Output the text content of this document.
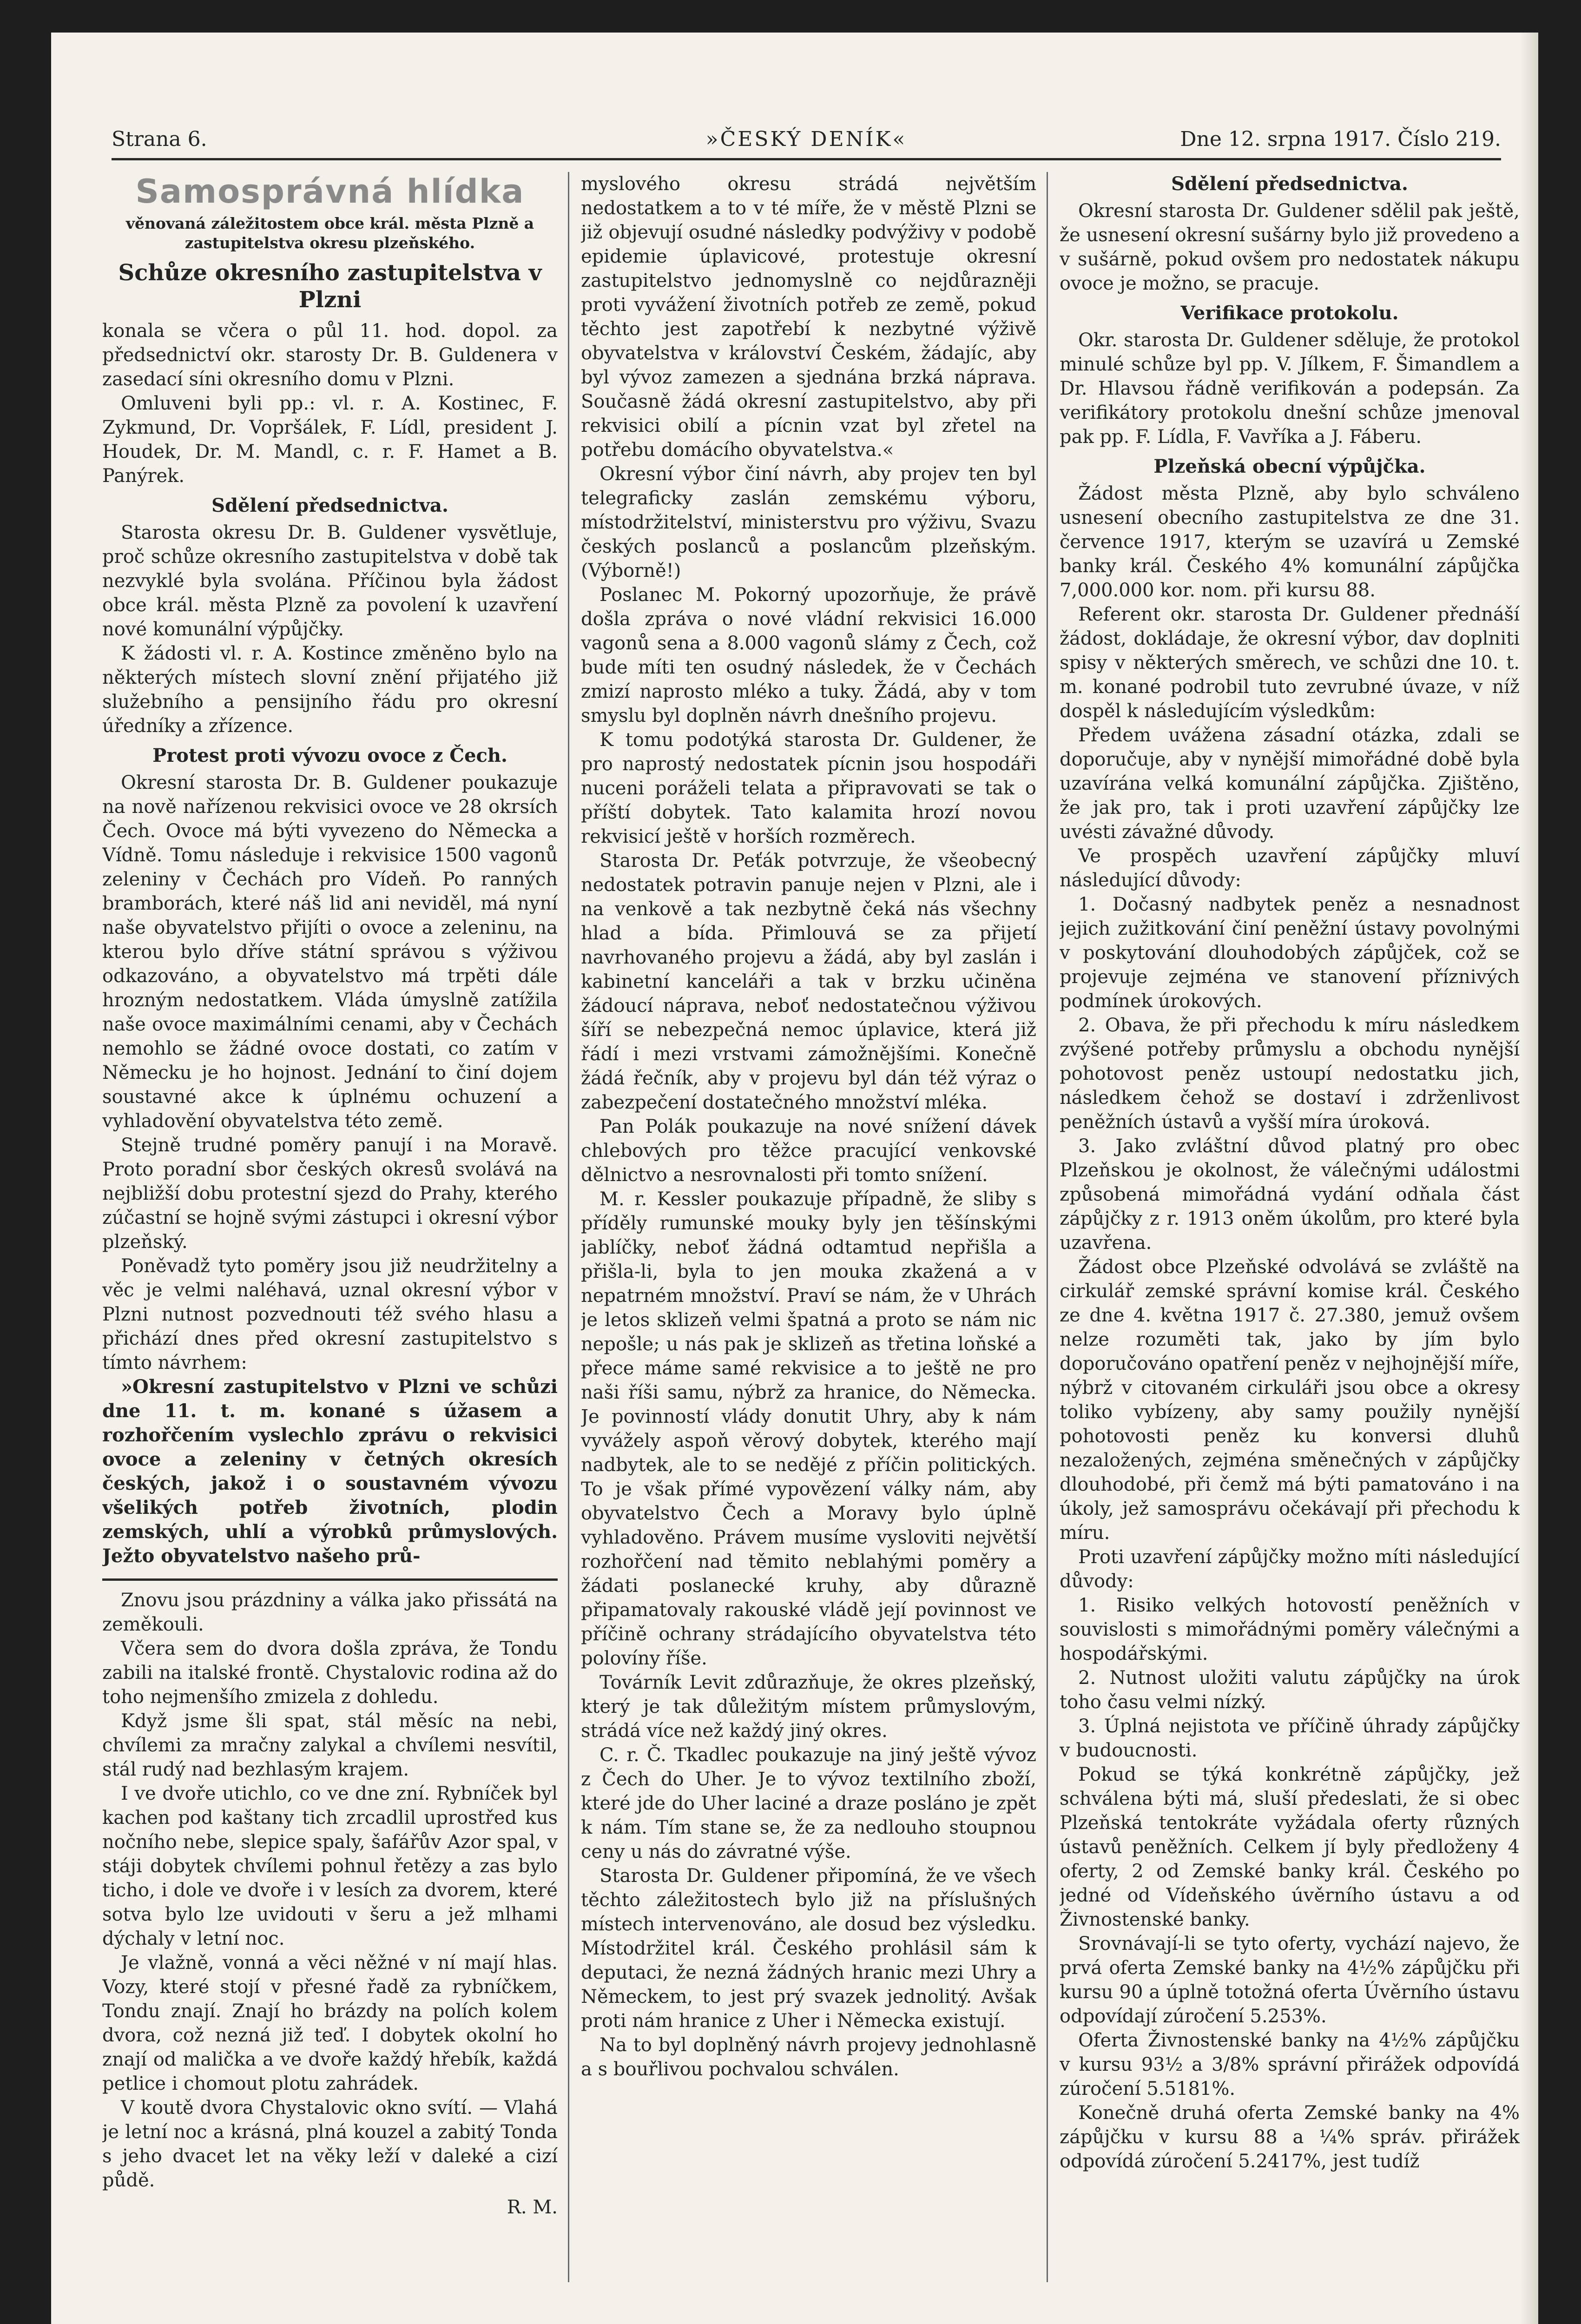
Strana 6.	»ČESKÝ DENÍK«	Dne 12. srpna 1917. Číslo 219.
Samosprávná hlídka
věnovaná záležitostem obce král. města Plzně a zastupitelstva okresu plzeňského.
Schůze okresního zastupitelstva v Plzni

konala se včera o půl 11. hod. dopol. za předsednictví okr. starosty Dr. B. Guldenera v zasedací síni okresního domu v Plzni.

Omluveni byli pp.: vl. r. A. Kostinec, F. Zykmund, Dr. Vopršálek, F. Lídl, president J. Houdek, Dr. M. Mandl, c. r. F. Hamet a B. Panýrek.

Sdělení předsednictva.

Starosta okresu Dr. B. Guldener vysvětluje, proč schůze okresního zastupitelstva v době tak nezvyklé byla svolána. Příčinou byla žádost obce král. města Plzně za povolení k uzavření nové komunální výpůjčky.

K žádosti vl. r. A. Kostince změněno bylo na některých místech slovní znění přijatého již služebního a pensijního řádu pro okresní úředníky a zřízence.

Protest proti vývozu ovoce z Čech.

Okresní starosta Dr. B. Guldener poukazuje na nově nařízenou rekvisici ovoce ve 28 okrsích Čech. Ovoce má býti vyvezeno do Německa a Vídně. Tomu následuje i rekvisice 1500 vagonů zeleniny v Čechách pro Vídeň. Po ranných bramborách, které náš lid ani neviděl, má nyní naše obyvatelstvo přijíti o ovoce a zeleninu, na kterou bylo dříve státní správou s výživou odkazováno, a obyvatelstvo má trpěti dále hrozným nedostatkem. Vláda úmyslně zatížila naše ovoce maximálními cenami, aby v Čechách nemohlo se žádné ovoce dostati, co zatím v Německu je ho hojnost. Jednání to činí dojem soustavné akce k úplnému ochuzení a vyhladovění obyvatelstva této země.

Stejně trudné poměry panují i na Moravě. Proto poradní sbor českých okresů svolává na nejbližší dobu protestní sjezd do Prahy, kterého zúčastní se hojně svými zástupci i okresní výbor plzeňský.

Poněvadž tyto poměry jsou již neudržitelny a věc je velmi naléhavá, uznal okresní výbor v Plzni nutnost pozvednouti též svého hlasu a přichází dnes před okresní zastupitelstvo s tímto návrhem:

»Okresní zastupitelstvo v Plzni ve schůzi dne 11. t. m. konané s úžasem a rozhořčením vyslechlo zprávu o rekvisici ovoce a zeleniny v četných okresích českých, jakož i o soustavném vývozu všelikých potřeb životních, plodin zemských, uhlí a výrobků průmyslových. Ježto obyvatelstvo našeho prů-

Znovu jsou prázdniny a válka jako přissátá na zeměkouli.

Včera sem do dvora došla zpráva, že Tondu zabili na italské frontě. Chystalovic rodina až do toho nejmenšího zmizela z dohledu.

Když jsme šli spat, stál měsíc na nebi, chvílemi za mračny zalykal a chvílemi nesvítil, stál rudý nad bezhlasým krajem.

I ve dvoře utichlo, co ve dne zní. Rybníček byl kachen pod kaštany tich zrcadlil uprostřed kus nočního nebe, slepice spaly, šafářův Azor spal, v stáji dobytek chvílemi pohnul řetězy a zas bylo ticho, i dole ve dvoře i v lesích za dvorem, které sotva bylo lze uvidouti v šeru a jež mlhami dýchaly v letní noc.

Je vlažně, vonná a věci něžné v ní mají hlas. Vozy, které stojí v přesné řadě za rybníčkem, Tondu znají. Znají ho brázdy na polích kolem dvora, což nezná již teď. I dobytek okolní ho znají od malička a ve dvoře každý hřebík, každá petlice i chomout plotu zahrádek.

V koutě dvora Chystalovic okno svítí. — Vlahá je letní noc a krásná, plná kouzel a zabitý Tonda s jeho dvacet let na věky leží v daleké a cizí půdě.

R. M.

myslového okresu strádá největším nedostatkem a to v té míře, že v městě Plzni se již objevují osudné následky podvýživy v podobě epidemie úplavicové, protestuje okresní zastupitelstvo jednomyslně co nejdůrazněji proti vyvážení životních potřeb ze země, pokud těchto jest zapotřebí k nezbytné výživě obyvatelstva v království Českém, žádajíc, aby byl vývoz zamezen a sjednána brzká náprava. Současně žádá okresní zastupitelstvo, aby při rekvisici obilí a pícnin vzat byl zřetel na potřebu domácího obyvatelstva.«

Okresní výbor činí návrh, aby projev ten byl telegraficky zaslán zemskému výboru, místodržitelství, ministerstvu pro výživu, Svazu českých poslanců a poslancům plzeňským. (Výborně!)

Poslanec M. Pokorný upozorňuje, že právě došla zpráva o nové vládní rekvisici 16.000 vagonů sena a 8.000 vagonů slámy z Čech, což bude míti ten osudný následek, že v Čechách zmizí naprosto mléko a tuky. Žádá, aby v tom smyslu byl doplněn návrh dnešního projevu.

K tomu podotýká starosta Dr. Guldener, že pro naprostý nedostatek pícnin jsou hospodáři nuceni poráželi telata a připravovati se tak o příští dobytek. Tato kalamita hrozí novou rekvisicí ještě v horších rozměrech.

Starosta Dr. Peťák potvrzuje, že všeobecný nedostatek potravin panuje nejen v Plzni, ale i na venkově a tak nezbytně čeká nás všechny hlad a bída. Přimlouvá se za přijetí navrhovaného projevu a žádá, aby byl zaslán i kabinetní kanceláři a tak v brzku učiněna žádoucí náprava, neboť nedostatečnou výživou šíří se nebezpečná nemoc úplavice, která již řádí i mezi vrstvami zámožnějšími. Konečně žádá řečník, aby v projevu byl dán též výraz o zabezpečení dostatečného množství mléka.

Pan Polák poukazuje na nové snížení dávek chlebových pro těžce pracující venkovské dělnictvo a nesrovnalosti při tomto snížení.

M. r. Kessler poukazuje případně, že sliby s příděly rumunské mouky byly jen těšínskými jablíčky, neboť žádná odtamtud nepřišla a přišla-li, byla to jen mouka zkažená a v nepatrném množství. Praví se nám, že v Uhrách je letos sklizeň velmi špatná a proto se nám nic nepošle; u nás pak je sklizeň as třetina loňské a přece máme samé rekvisice a to ještě ne pro naši říši samu, nýbrž za hranice, do Německa. Je povinností vlády donutit Uhry, aby k nám vyvážely aspoň věrový dobytek, kterého mají nadbytek, ale to se nedějé z příčin politických. To je však přímé vypovězení války nám, aby obyvatelstvo Čech a Moravy bylo úplně vyhladověno. Právem musíme vysloviti největší rozhořčení nad těmito neblahými poměry a žádati poslanecké kruhy, aby důrazně připamatovaly rakouské vládě její povinnost ve příčině ochrany strádajícího obyvatelstva této polovíny říše.

Továrník Levit zdůrazňuje, že okres plzeňský, který je tak důležitým místem průmyslovým, strádá více než každý jiný okres.

C. r. Č. Tkadlec poukazuje na jiný ještě vývoz z Čech do Uher. Je to vývoz textilního zboží, které jde do Uher laciné a draze posláno je zpět k nám. Tím stane se, že za nedlouho stoupnou ceny u nás do závratné výše.

Starosta Dr. Guldener připomíná, že ve všech těchto záležitostech bylo již na příslušných místech intervenováno, ale dosud bez výsledku. Místodržitel král. Českého prohlásil sám k deputaci, že nezná žádných hranic mezi Uhry a Německem, to jest prý svazek jednolitý. Avšak proti nám hranice z Uher i Německa existují.

Na to byl doplněný návrh projevy jednohlasně a s bouřlivou pochvalou schválen.

Sdělení předsednictva.

Okresní starosta Dr. Guldener sdělil pak ještě, že usnesení okresní sušárny bylo již provedeno a v sušárně, pokud ovšem pro nedostatek nákupu ovoce je možno, se pracuje.

Verifikace protokolu.

Okr. starosta Dr. Guldener sděluje, že protokol minulé schůze byl pp. V. Jílkem, F. Šimandlem a Dr. Hlavsou řádně verifikován a podepsán. Za verifikátory protokolu dnešní schůze jmenoval pak pp. F. Lídla, F. Vavříka a J. Fáberu.

Plzeňská obecní výpůjčka.

Žádost města Plzně, aby bylo schváleno usnesení obecního zastupitelstva ze dne 31. července 1917, kterým se uzavírá u Zemské banky král. Českého 4% komunální zápůjčka 7,000.000 kor. nom. při kursu 88.

Referent okr. starosta Dr. Guldener přednáší žádost, dokládaje, že okresní výbor, dav doplniti spisy v některých směrech, ve schůzi dne 10. t. m. konané podrobil tuto zevrubné úvaze, v níž dospěl k následujícím výsledkům:

Předem uvážena zásadní otázka, zdali se doporučuje, aby v nynější mimořádné době byla uzavírána velká komunální zápůjčka. Zjištěno, že jak pro, tak i proti uzavření zápůjčky lze uvésti závažné důvody.

Ve prospěch uzavření zápůjčky mluví následující důvody:

1. Dočasný nadbytek peněz a nesnadnost jejich zužitkování činí peněžní ústavy povolnými v poskytování dlouhodobých zápůjček, což se projevuje zejména ve stanovení příznivých podmínek úrokových.

2. Obava, že při přechodu k míru následkem zvýšené potřeby průmyslu a obchodu nynější pohotovost peněz ustoupí nedostatku jich, následkem čehož se dostaví i zdrženlivost peněžních ústavů a vyšší míra úroková.

3. Jako zvláštní důvod platný pro obec Plzeňskou je okolnost, že válečnými událostmi způsobená mimořádná vydání odňala část zápůjčky z r. 1913 oněm úkolům, pro které byla uzavřena.

Žádost obce Plzeňské odvolává se zvláště na cirkulář zemské správní komise král. Českého ze dne 4. května 1917 č. 27.380, jemuž ovšem nelze rozuměti tak, jako by jím bylo doporučováno opatření peněz v nejhojnější míře, nýbrž v citovaném cirkuláři jsou obce a okresy toliko vybízeny, aby samy použily nynější pohotovosti peněz ku konversi dluhů nezaložených, zejména směnečných v zápůjčky dlouhodobé, při čemž má býti pamatováno i na úkoly, jež samosprávu očekávají při přechodu k míru.

Proti uzavření zápůjčky možno míti následující důvody:

1. Risiko velkých hotovostí peněžních v souvislosti s mimořádnými poměry válečnými a hospodářskými.

2. Nutnost uložiti valutu zápůjčky na úrok toho času velmi nízký.

3. Úplná nejistota ve příčině úhrady zápůjčky v budoucnosti.

Pokud se týká konkrétně zápůjčky, jež schválena býti má, sluší předeslati, že si obec Plzeňská tentokráte vyžádala oferty různých ústavů peněžních. Celkem jí byly předloženy 4 oferty, 2 od Zemské banky král. Českého po jedné od Vídeňského úvěrního ústavu a od Živnostenské banky.

Srovnávají-li se tyto oferty, vychází najevo, že prvá oferta Zemské banky na 4½% zápůjčku při kursu 90 a úplně totožná oferta Úvěrního ústavu odpovídají zúročení 5.253%.

Oferta Živnostenské banky na 4½% zápůjčku v kursu 93½ a 3/8% správní přirážek odpovídá zúročení 5.5181%.

Konečně druhá oferta Zemské banky na 4% zápůjčku v kursu 88 a ¼% správ. přirážek odpovídá zúročení 5.2417%, jest tudíž
